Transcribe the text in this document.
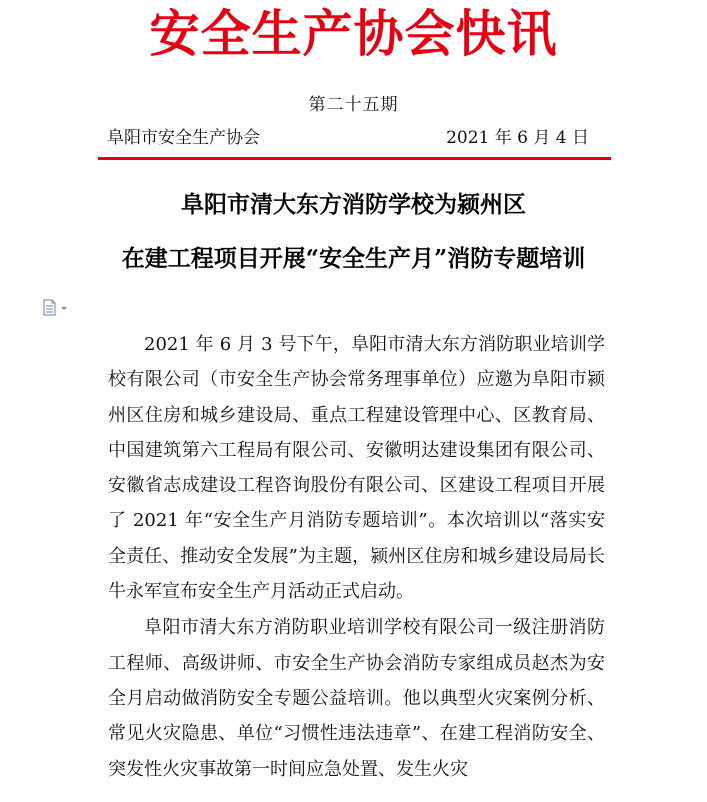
安全生产协会快讯
第二十五期
阜阳市安全生产协会	2021 年 6 月 4 日
阜阳市清大东方消防学校为颍州区
在建工程项目开展“安全生产月”消防专题培训

2021 年 6 月 3 号下午，阜阳市清大东方消防职业培训学校有限公司（市安全生产协会常务理事单位）应邀为阜阳市颍州区住房和城乡建设局、重点工程建设管理中心、区教育局、中国建筑第六工程局有限公司、安徽明达建设集团有限公司、安徽省志成建设工程咨询股份有限公司、区建设工程项目开展了 2021 年“安全生产月消防专题培训”。本次培训以“落实安全责任、推动安全发展”为主题，颍州区住房和城乡建设局局长牛永军宣布安全生产月活动正式启动。

阜阳市清大东方消防职业培训学校有限公司一级注册消防工程师、高级讲师、市安全生产协会消防专家组成员赵杰为安全月启动做消防安全专题公益培训。他以典型火灾案例分析、常见火灾隐患、单位“习惯性违法违章”、在建工程消防安全、突发性火灾事故第一时间应急处置、发生火灾
